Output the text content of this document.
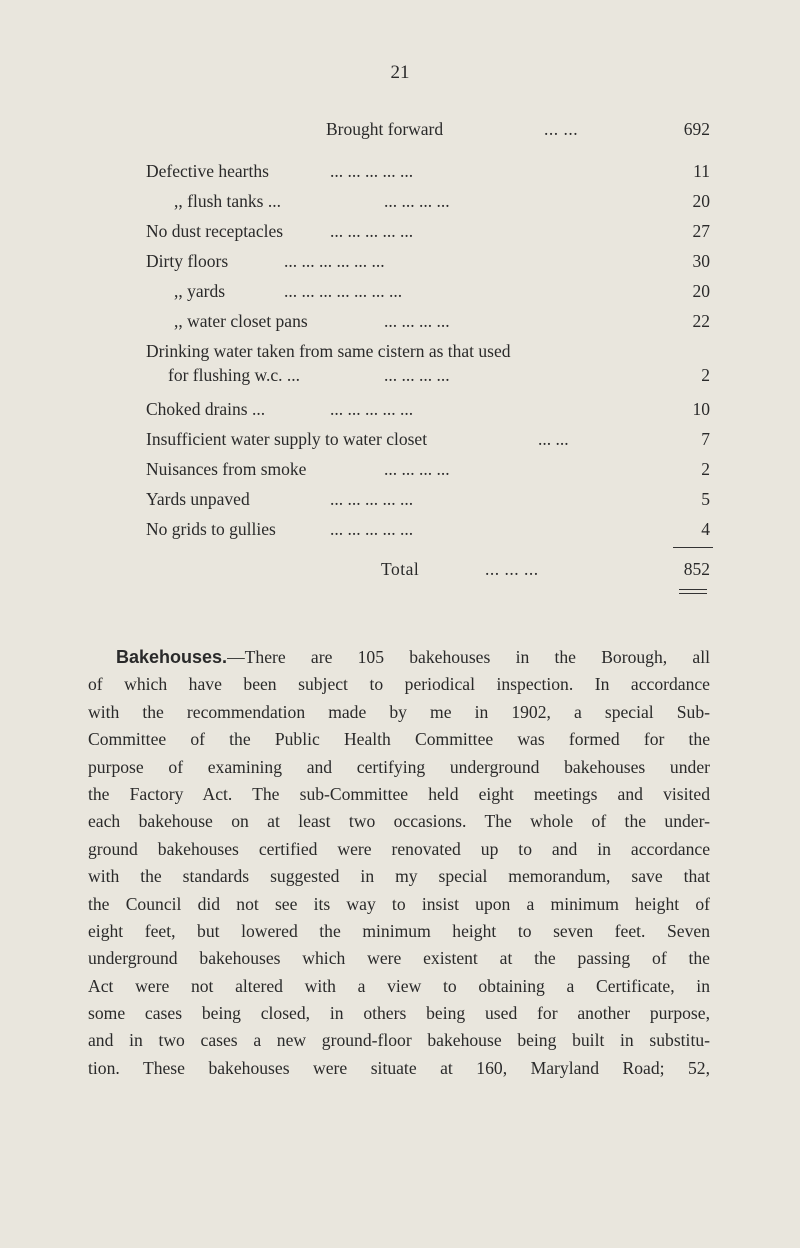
21
Brought forward	... ...	692
Defective hearths	... ... ... ... ...	11
,, flush tanks ...	... ... ... ...	20
No dust receptacles	... ... ... ... ...	27
Dirty floors	... ... ... ... ... ...	30
,, yards	... ... ... ... ... ... ...	20
,, water closet pans	... ... ... ...	22
Drinking water taken from same cistern as that used
for flushing w.c. ...	... ... ... ...	2
Choked drains ...	... ... ... ... ...	10
Insufficient water supply to water closet	... ...	7
Nuisances from smoke	... ... ... ...	2
Yards unpaved	... ... ... ... ...	5
No grids to gullies	... ... ... ... ...	4
Total	... ... ...	852
Bakehouses.—There are 105 bakehouses in the Borough, all
of which have been subject to periodical inspection. In accordance
with the recommendation made by me in 1902, a special Sub-
Committee of the Public Health Committee was formed for the
purpose of examining and certifying underground bakehouses under
the Factory Act. The sub-Committee held eight meetings and visited
each bakehouse on at least two occasions. The whole of the under-
ground bakehouses certified were renovated up to and in accordance
with the standards suggested in my special memorandum, save that
the Council did not see its way to insist upon a minimum height of
eight feet, but lowered the minimum height to seven feet. Seven
underground bakehouses which were existent at the passing of the
Act were not altered with a view to obtaining a Certificate, in
some cases being closed, in others being used for another purpose,
and in two cases a new ground-floor bakehouse being built in substitu-
tion. These bakehouses were situate at 160, Maryland Road; 52,
